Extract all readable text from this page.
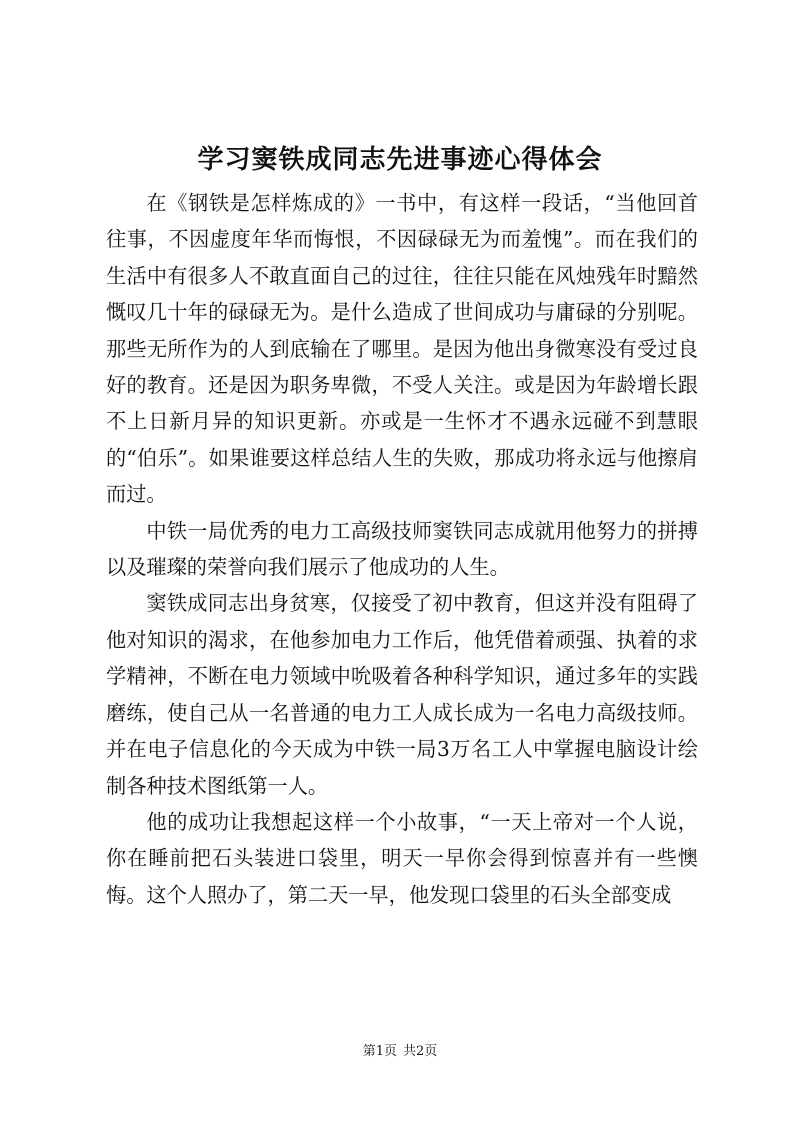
学习窦铁成同志先进事迹心得体会

在《钢铁是怎样炼成的》一书中，有这样一段话，“当他回首往事，不因虚度年华而悔恨，不因碌碌无为而羞愧”。而在我们的生活中有很多人不敢直面自己的过往，往往只能在风烛残年时黯然慨叹几十年的碌碌无为。是什么造成了世间成功与庸碌的分别呢。那些无所作为的人到底输在了哪里。是因为他出身微寒没有受过良好的教育。还是因为职务卑微，不受人关注。或是因为年龄增长跟不上日新月异的知识更新。亦或是一生怀才不遇永远碰不到慧眼的“伯乐”。如果谁要这样总结人生的失败，那成功将永远与他擦肩而过。

中铁一局优秀的电力工高级技师窦铁同志成就用他努力的拼搏以及璀璨的荣誉向我们展示了他成功的人生。

窦铁成同志出身贫寒，仅接受了初中教育，但这并没有阻碍了他对知识的渴求，在他参加电力工作后，他凭借着顽强、执着的求学精神，不断在电力领域中吮吸着各种科学知识，通过多年的实践磨练，使自己从一名普通的电力工人成长成为一名电力高级技师。并在电子信息化的今天成为中铁一局3万名工人中掌握电脑设计绘制各种技术图纸第一人。

他的成功让我想起这样一个小故事，“一天上帝对一个人说，你在睡前把石头装进口袋里，明天一早你会得到惊喜并有一些懊悔。这个人照办了，第二天一早，他发现口袋里的石头全部变成

第1页 共2页
